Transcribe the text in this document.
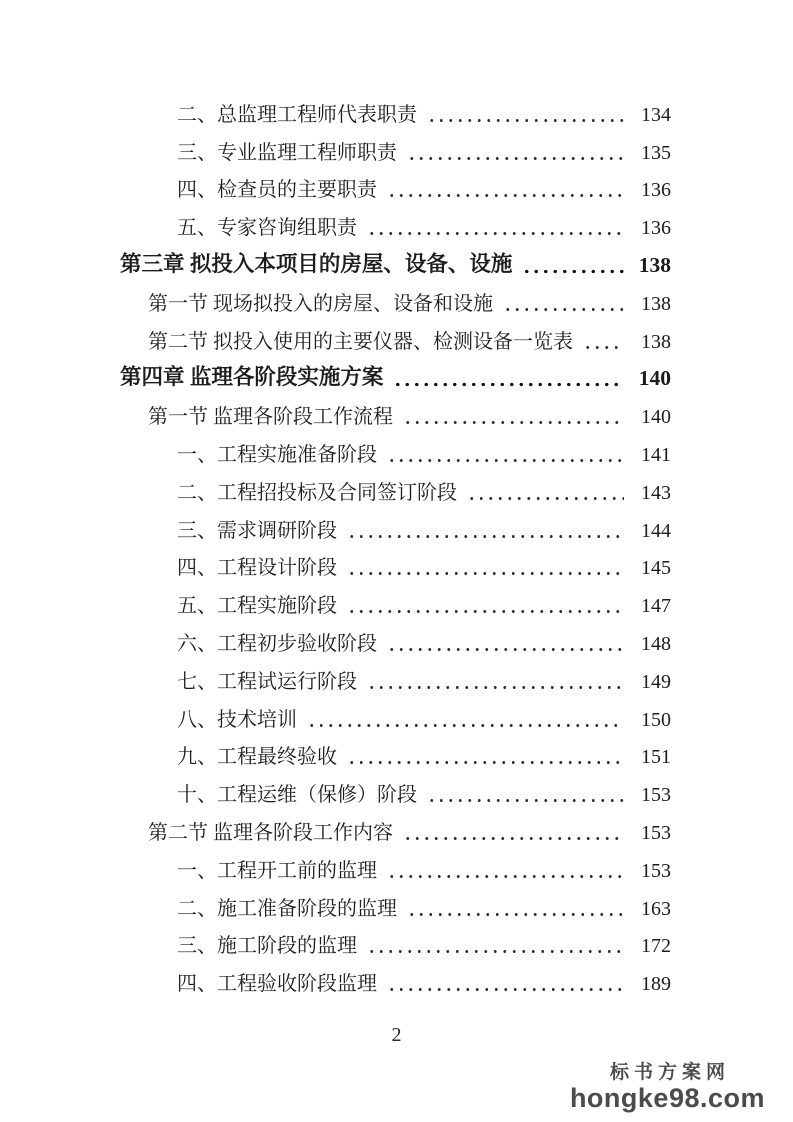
二、总监理工程师代表职责	134
三、专业监理工程师职责	135
四、检查员的主要职责	136
五、专家咨询组职责	136
第三章 拟投入本项目的房屋、设备、设施	138
第一节 现场拟投入的房屋、设备和设施	138
第二节 拟投入使用的主要仪器、检测设备一览表	138
第四章 监理各阶段实施方案	140
第一节 监理各阶段工作流程	140
一、工程实施准备阶段	141
二、工程招投标及合同签订阶段	143
三、需求调研阶段	144
四、工程设计阶段	145
五、工程实施阶段	147
六、工程初步验收阶段	148
七、工程试运行阶段	149
八、技术培训	150
九、工程最终验收	151
十、工程运维（保修）阶段	153
第二节 监理各阶段工作内容	153
一、工程开工前的监理	153
二、施工准备阶段的监理	163
三、施工阶段的监理	172
四、工程验收阶段监理	189
2
标书方案网
hongke98.com
